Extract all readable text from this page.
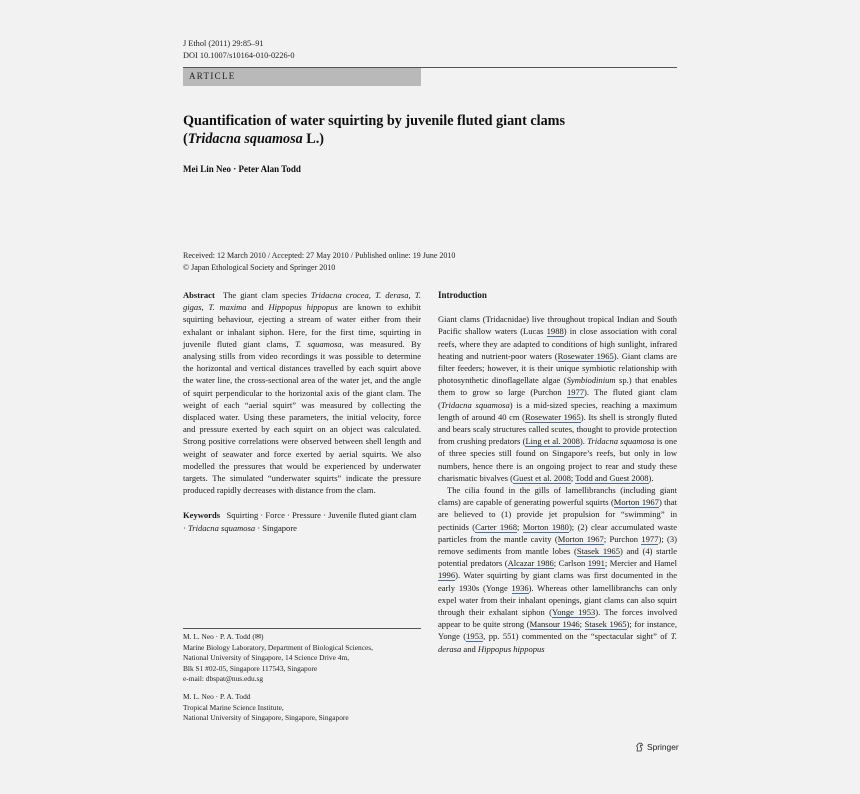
J Ethol (2011) 29:85–91
DOI 10.1007/s10164-010-0226-0
ARTICLE
Quantification of water squirting by juvenile fluted giant clams
(Tridacna squamosa L.)
Mei Lin Neo · Peter Alan Todd
Received: 12 March 2010 / Accepted: 27 May 2010 / Published online: 19 June 2010
© Japan Ethological Society and Springer 2010
Abstract The giant clam species Tridacna crocea, T. derasa, T. gigas, T. maxima and Hippopus hippopus are known to exhibit squirting behaviour, ejecting a stream of water either from their exhalant or inhalant siphon. Here, for the first time, squirting in juvenile fluted giant clams, T. squamosa, was measured. By analysing stills from video recordings it was possible to determine the horizontal and vertical distances travelled by each squirt above the water line, the cross-sectional area of the water jet, and the angle of squirt perpendicular to the horizontal axis of the giant clam. The weight of each “aerial squirt” was measured by collecting the displaced water. Using these parameters, the initial velocity, force and pressure exerted by each squirt on an object was calculated. Strong positive correlations were observed between shell length and weight of seawater and force exerted by aerial squirts. We also modelled the pressures that would be experienced by underwater targets. The simulated “underwater squirts” indicate the pressure produced rapidly decreases with distance from the clam.
Keywords Squirting · Force · Pressure · Juvenile fluted giant clam · Tridacna squamosa · Singapore
M. L. Neo · P. A. Todd (✉)
Marine Biology Laboratory, Department of Biological Sciences,
National University of Singapore, 14 Science Drive 4m,
Blk S1 #02-05, Singapore 117543, Singapore
e-mail: dbspat@nus.edu.sg
M. L. Neo · P. A. Todd
Tropical Marine Science Institute,
National University of Singapore, Singapore, Singapore
Introduction

Giant clams (Tridacnidae) live throughout tropical Indian and South Pacific shallow waters (Lucas 1988) in close association with coral reefs, where they are adapted to conditions of high sunlight, infrared heating and nutrient-poor waters (Rosewater 1965). Giant clams are filter feeders; however, it is their unique symbiotic relationship with photosynthetic dinoflagellate algae (Symbiodinium sp.) that enables them to grow so large (Purchon 1977). The fluted giant clam (Tridacna squamosa) is a mid-sized species, reaching a maximum length of around 40 cm (Rosewater 1965). Its shell is strongly fluted and bears scaly structures called scutes, thought to provide protection from crushing predators (Ling et al. 2008). Tridacna squamosa is one of three species still found on Singapore’s reefs, but only in low numbers, hence there is an ongoing project to rear and study these charismatic bivalves (Guest et al. 2008; Todd and Guest 2008).

The cilia found in the gills of lamellibranchs (including giant clams) are capable of generating powerful squirts (Morton 1967) that are believed to (1) provide jet propulsion for “swimming” in pectinids (Carter 1968; Morton 1980); (2) clear accumulated waste particles from the mantle cavity (Morton 1967; Purchon 1977); (3) remove sediments from mantle lobes (Stasek 1965) and (4) startle potential predators (Alcazar 1986; Carlson 1991; Mercier and Hamel 1996). Water squirting by giant clams was first documented in the early 1930s (Yonge 1936). Whereas other lamellibranchs can only expel water from their inhalant openings, giant clams can also squirt through their exhalant siphon (Yonge 1953). The forces involved appear to be quite strong (Mansour 1946; Stasek 1965); for instance, Yonge (1953, pp. 551) commented on the “spectacular sight” of T. derasa and Hippopus hippopus

Springer
